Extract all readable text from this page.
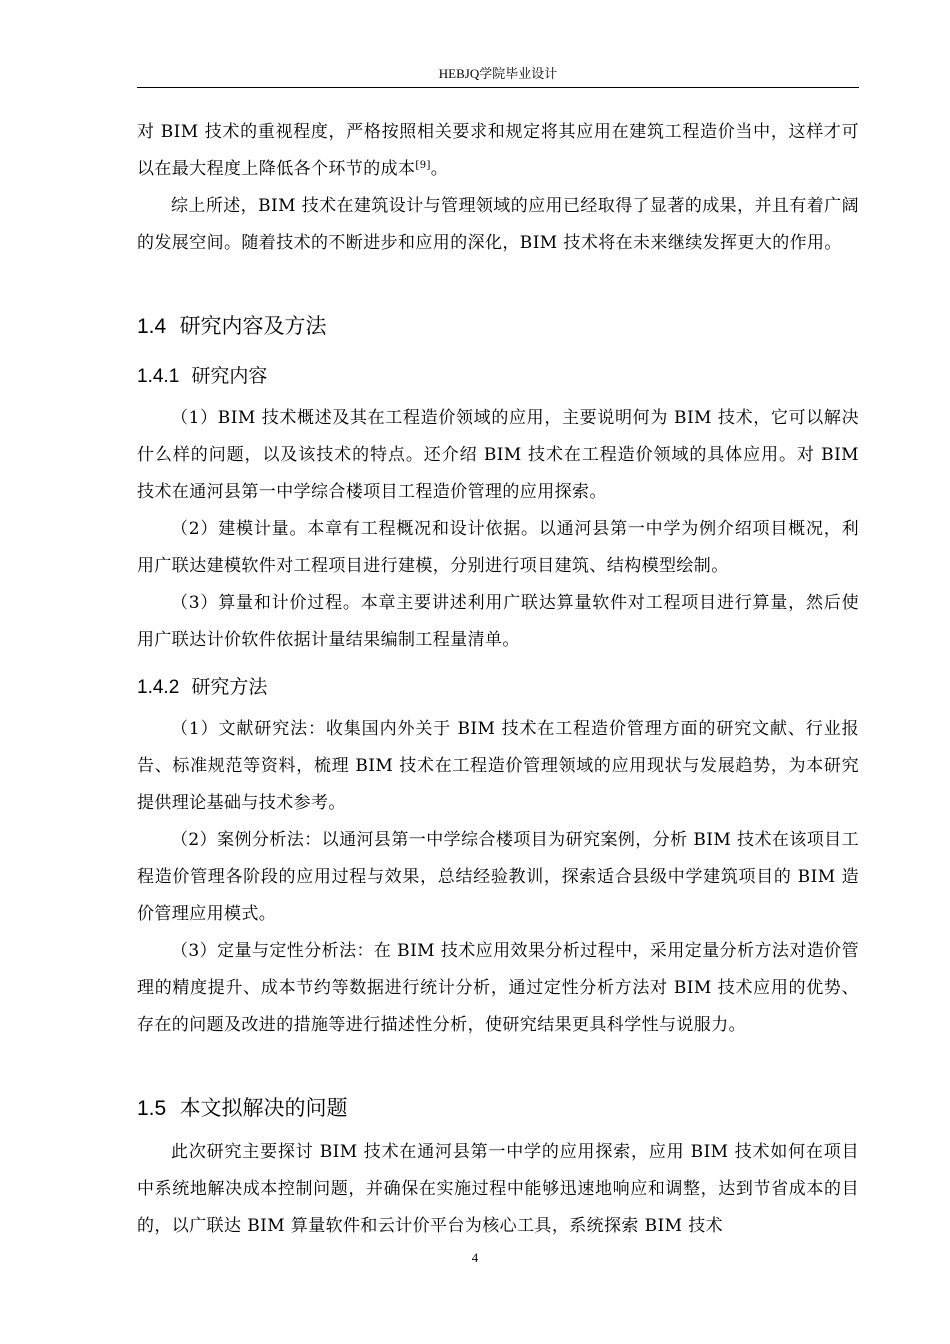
HEBJQ学院毕业设计

对 BIM 技术的重视程度，严格按照相关要求和规定将其应用在建筑工程造价当中，这样才可以在最大程度上降低各个环节的成本[9]。

综上所述，BIM 技术在建筑设计与管理领域的应用已经取得了显著的成果，并且有着广阔的发展空间。随着技术的不断进步和应用的深化，BIM 技术将在未来继续发挥更大的作用。

1.4 研究内容及方法
1.4.1 研究内容

（1）BIM 技术概述及其在工程造价领域的应用，主要说明何为 BIM 技术，它可以解决什么样的问题，以及该技术的特点。还介绍 BIM 技术在工程造价领域的具体应用。对 BIM 技术在通河县第一中学综合楼项目工程造价管理的应用探索。

（2）建模计量。本章有工程概况和设计依据。以通河县第一中学为例介绍项目概况，利用广联达建模软件对工程项目进行建模，分别进行项目建筑、结构模型绘制。

（3）算量和计价过程。本章主要讲述利用广联达算量软件对工程项目进行算量，然后使用广联达计价软件依据计量结果编制工程量清单。

1.4.2 研究方法

（1）文献研究法：收集国内外关于 BIM 技术在工程造价管理方面的研究文献、行业报告、标准规范等资料，梳理 BIM 技术在工程造价管理领域的应用现状与发展趋势，为本研究提供理论基础与技术参考。

（2）案例分析法：以通河县第一中学综合楼项目为研究案例，分析 BIM 技术在该项目工程造价管理各阶段的应用过程与效果，总结经验教训，探索适合县级中学建筑项目的 BIM 造价管理应用模式。

（3）定量与定性分析法：在 BIM 技术应用效果分析过程中，采用定量分析方法对造价管理的精度提升、成本节约等数据进行统计分析，通过定性分析方法对 BIM 技术应用的优势、存在的问题及改进的措施等进行描述性分析，使研究结果更具科学性与说服力。

1.5 本文拟解决的问题

此次研究主要探讨 BIM 技术在通河县第一中学的应用探索，应用 BIM 技术如何在项目中系统地解决成本控制问题，并确保在实施过程中能够迅速地响应和调整，达到节省成本的目的，以广联达 BIM 算量软件和云计价平台为核心工具，系统探索 BIM 技术

4
